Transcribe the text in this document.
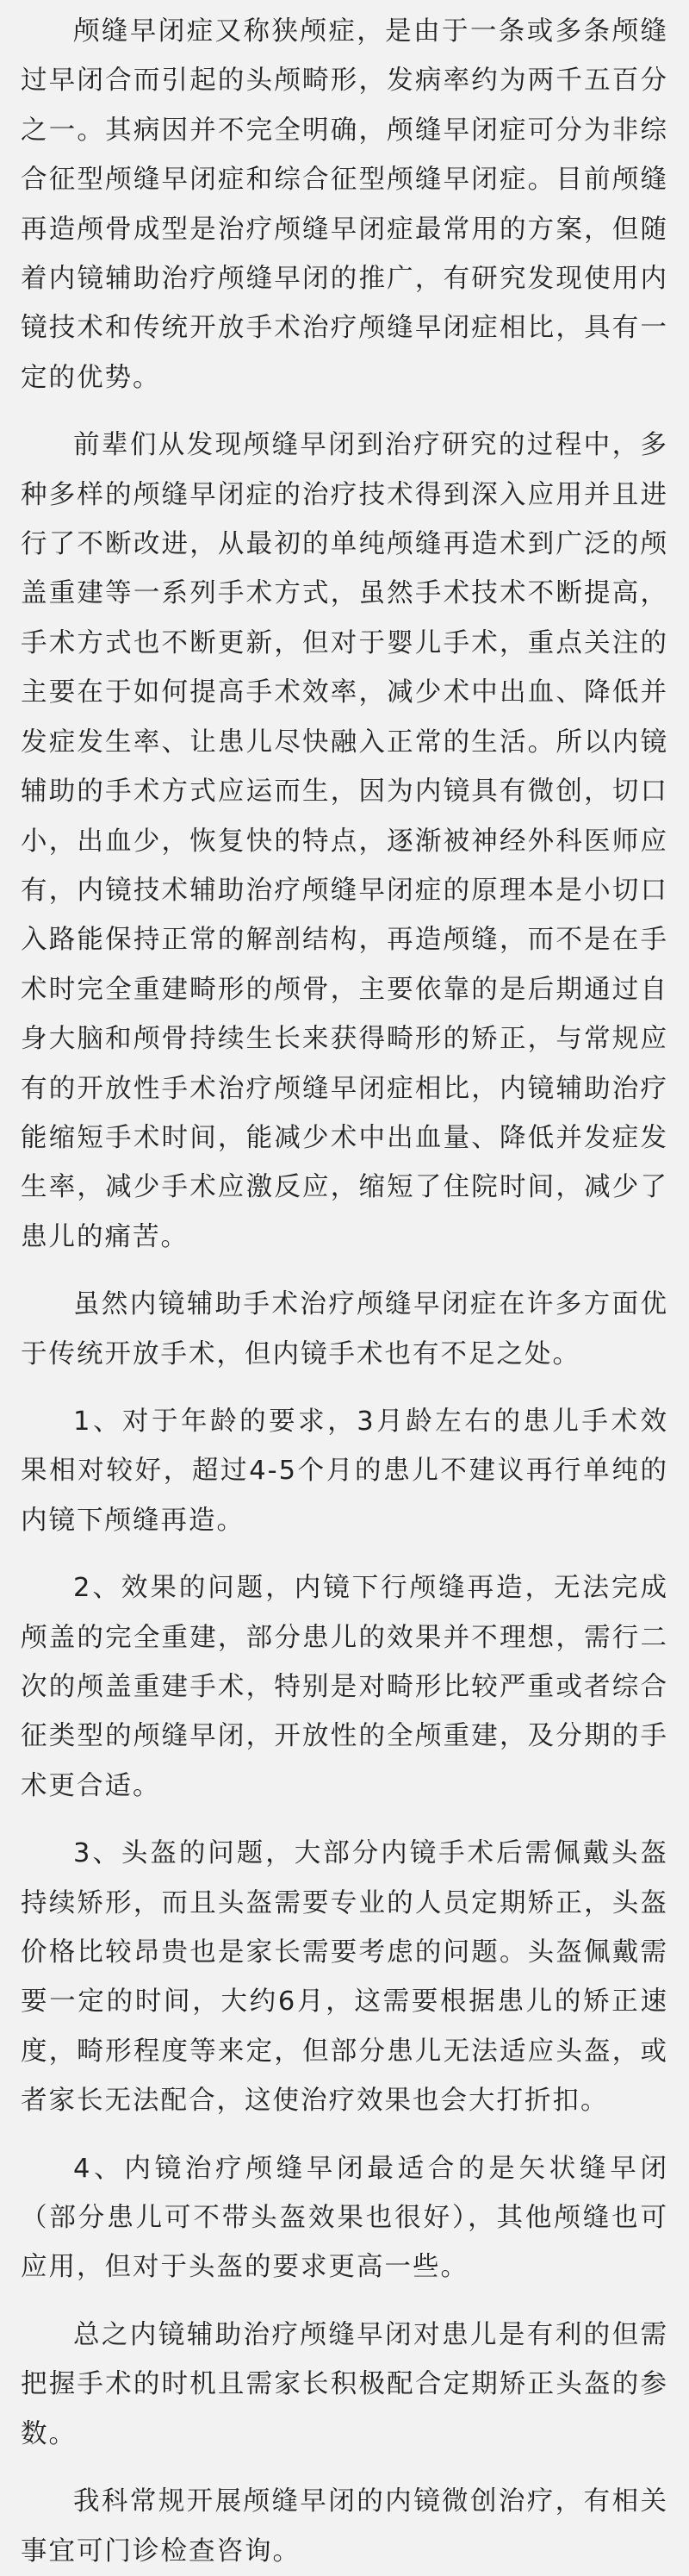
颅缝早闭症又称狭颅症，是由于一条或多条颅缝过早闭合而引起的头颅畸形，发病率约为两千五百分之一。其病因并不完全明确，颅缝早闭症可分为非综合征型颅缝早闭症和综合征型颅缝早闭症。目前颅缝再造颅骨成型是治疗颅缝早闭症最常用的方案，但随着内镜辅助治疗颅缝早闭的推广，有研究发现使用内镜技术和传统开放手术治疗颅缝早闭症相比，具有一定的优势。

前辈们从发现颅缝早闭到治疗研究的过程中，多种多样的颅缝早闭症的治疗技术得到深入应用并且进行了不断改进，从最初的单纯颅缝再造术到广泛的颅盖重建等一系列手术方式，虽然手术技术不断提高，手术方式也不断更新，但对于婴儿手术，重点关注的主要在于如何提高手术效率，减少术中出血、降低并发症发生率、让患儿尽快融入正常的生活。所以内镜辅助的手术方式应运而生，因为内镜具有微创，切口小，出血少，恢复快的特点，逐渐被神经外科医师应有，内镜技术辅助治疗颅缝早闭症的原理本是小切口入路能保持正常的解剖结构，再造颅缝，而不是在手术时完全重建畸形的颅骨，主要依靠的是后期通过自身大脑和颅骨持续生长来获得畸形的矫正，与常规应有的开放性手术治疗颅缝早闭症相比，内镜辅助治疗能缩短手术时间，能减少术中出血量、降低并发症发生率，减少手术应激反应，缩短了住院时间，减少了患儿的痛苦。

虽然内镜辅助手术治疗颅缝早闭症在许多方面优于传统开放手术，但内镜手术也有不足之处。

1、对于年龄的要求，3月龄左右的患儿手术效果相对较好，超过4-5个月的患儿不建议再行单纯的内镜下颅缝再造。

2、效果的问题，内镜下行颅缝再造，无法完成颅盖的完全重建，部分患儿的效果并不理想，需行二次的颅盖重建手术，特别是对畸形比较严重或者综合征类型的颅缝早闭，开放性的全颅重建，及分期的手术更合适。

3、头盔的问题，大部分内镜手术后需佩戴头盔持续矫形，而且头盔需要专业的人员定期矫正，头盔价格比较昂贵也是家长需要考虑的问题。头盔佩戴需要一定的时间，大约6月，这需要根据患儿的矫正速度，畸形程度等来定，但部分患儿无法适应头盔，或者家长无法配合，这使治疗效果也会大打折扣。

4、内镜治疗颅缝早闭最适合的是矢状缝早闭（部分患儿可不带头盔效果也很好），其他颅缝也可应用，但对于头盔的要求更高一些。

总之内镜辅助治疗颅缝早闭对患儿是有利的但需把握手术的时机且需家长积极配合定期矫正头盔的参数。

我科常规开展颅缝早闭的内镜微创治疗，有相关事宜可门诊检查咨询。
